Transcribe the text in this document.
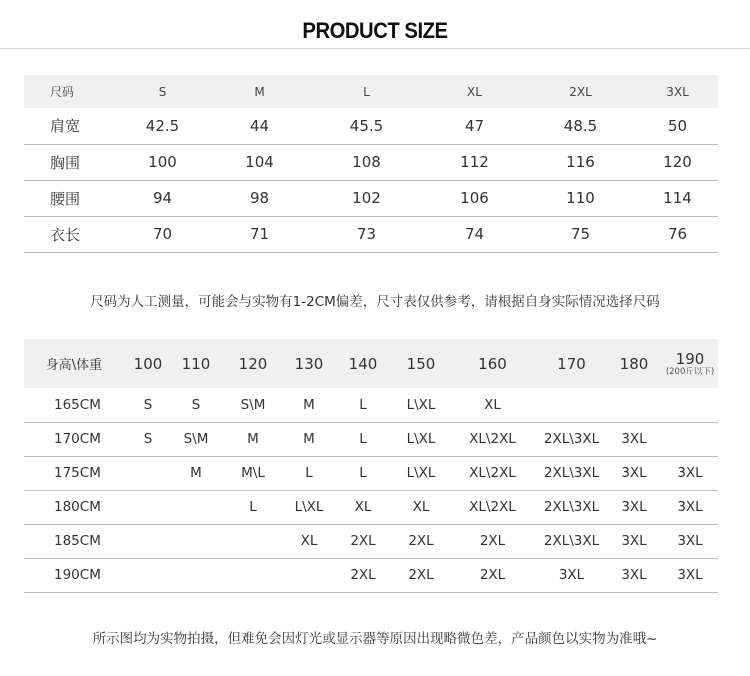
PRODUCT SIZE
尺码	S	M	L	XL	2XL	3XL
肩宽	42.5	44	45.5	47	48.5	50
胸围	100	104	108	112	116	120
腰围	94	98	102	106	110	114
衣长	70	71	73	74	75	76
尺码为人工测量，可能会与实物有1-2CM偏差，尺寸表仅供参考，请根据自身实际情况选择尺码
身高\体重	100	110	120	130	140	150	160	170	180	190
(200斤以下)

165CM	S	S	S\M	M	L	L\XL	XL			
170CM	S	S\M	M	M	L	L\XL	XL\2XL	2XL\3XL	3XL	
175CM		M	M\L	L	L	L\XL	XL\2XL	2XL\3XL	3XL	3XL
180CM			L	L\XL	XL	XL	XL\2XL	2XL\3XL	3XL	3XL
185CM				XL	2XL	2XL	2XL	2XL\3XL	3XL	3XL
190CM					2XL	2XL	2XL	3XL	3XL	3XL
所示图均为实物拍摄，但难免会因灯光或显示器等原因出现略微色差，产品颜色以实物为准哦~
